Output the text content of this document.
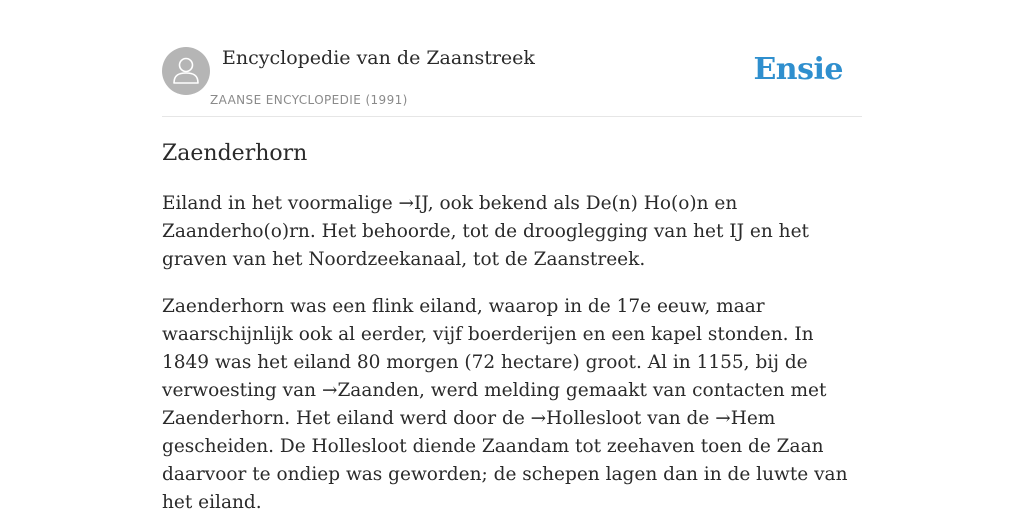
Encyclopedie van de Zaanstreek
ZAANSE ENCYCLOPEDIE (1991)
Ensie
Zaenderhorn

Eiland in het voormalige →IJ, ook bekend als De(n) Ho(o)n en Zaanderho(o)rn. Het behoorde, tot de drooglegging van het IJ en het graven van het Noordzeekanaal, tot de Zaanstreek.

Zaenderhorn was een flink eiland, waarop in de 17e eeuw, maar waarschijnlijk ook al eerder, vijf boerderijen en een kapel stonden. In 1849 was het eiland 80 morgen (72 hectare) groot. Al in 1155, bij de verwoesting van →Zaanden, werd melding gemaakt van contacten met Zaenderhorn. Het eiland werd door de →Hollesloot van de →Hem gescheiden. De Hollesloot diende Zaandam tot zeehaven toen de Zaan daarvoor te ondiep was geworden; de schepen lagen dan in de luwte van het eiland.
